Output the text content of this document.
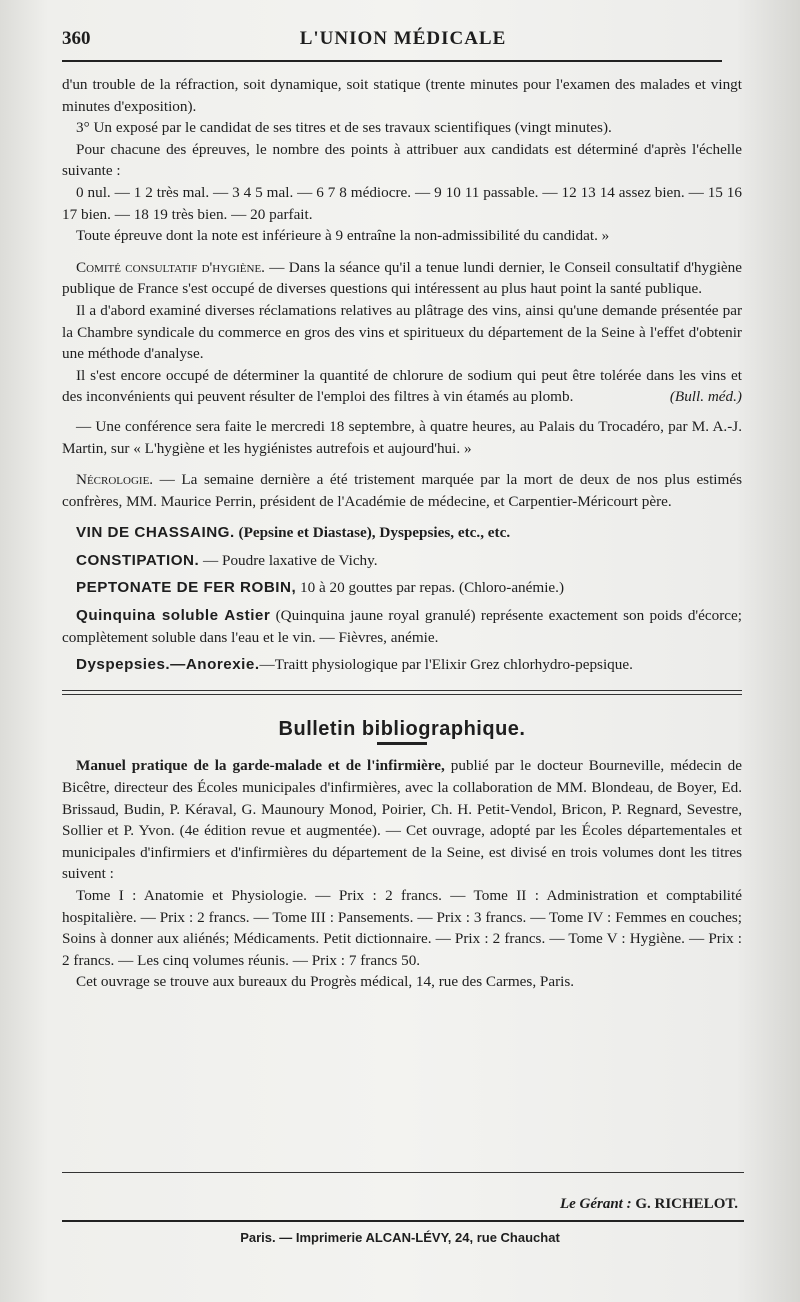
360	L'UNION MÉDICALE

d'un trouble de la réfraction, soit dynamique, soit statique (trente minutes pour l'examen des malades et vingt minutes d'exposition).

3° Un exposé par le candidat de ses titres et de ses travaux scientifiques (vingt minutes).

Pour chacune des épreuves, le nombre des points à attribuer aux candidats est déterminé d'après l'échelle suivante :

0 nul. — 1 2 très mal. — 3 4 5 mal. — 6 7 8 médiocre. — 9 10 11 passable. — 12 13 14 assez bien. — 15 16 17 bien. — 18 19 très bien. — 20 parfait.

Toute épreuve dont la note est inférieure à 9 entraîne la non-admissibilité du candidat. »

Comité consultatif d'hygiène. — Dans la séance qu'il a tenue lundi dernier, le Conseil consultatif d'hygiène publique de France s'est occupé de diverses questions qui intéressent au plus haut point la santé publique.

Il a d'abord examiné diverses réclamations relatives au plâtrage des vins, ainsi qu'une demande présentée par la Chambre syndicale du commerce en gros des vins et spiritueux du département de la Seine à l'effet d'obtenir une méthode d'analyse.

Il s'est encore occupé de déterminer la quantité de chlorure de sodium qui peut être tolérée dans les vins et des inconvénients qui peuvent résulter de l'emploi des filtres à vin étamés au plomb.	(Bull. méd.)

— Une conférence sera faite le mercredi 18 septembre, à quatre heures, au Palais du Trocadéro, par M. A.-J. Martin, sur « L'hygiène et les hygiénistes autrefois et aujourd'hui. »

Nécrologie. — La semaine dernière a été tristement marquée par la mort de deux de nos plus estimés confrères, MM. Maurice Perrin, président de l'Académie de médecine, et Carpentier-Méricourt père.

VIN DE CHASSAING. (Pepsine et Diastase), Dyspepsies, etc., etc.

CONSTIPATION. — Poudre laxative de Vichy.

PEPTONATE DE FER ROBIN, 10 à 20 gouttes par repas. (Chloro-anémie.)

Quinquina soluble Astier (Quinquina jaune royal granulé) représente exactement son poids d'écorce; complètement soluble dans l'eau et le vin. — Fièvres, anémie.

Dyspepsies.—Anorexie.—Traitt physiologique par l'Elixir Grez chlorhydro-pepsique.

Bulletin bibliographique.

Manuel pratique de la garde-malade et de l'infirmière, publié par le docteur Bourneville, médecin de Bicêtre, directeur des Écoles municipales d'infirmières, avec la collaboration de MM. Blondeau, de Boyer, Ed. Brissaud, Budin, P. Kéraval, G. Maunoury Monod, Poirier, Ch. H. Petit-Vendol, Bricon, P. Regnard, Sevestre, Sollier et P. Yvon. (4e édition revue et augmentée). — Cet ouvrage, adopté par les Écoles départementales et municipales d'infirmiers et d'infirmières du département de la Seine, est divisé en trois volumes dont les titres suivent :

Tome I : Anatomie et Physiologie. — Prix : 2 francs. — Tome II : Administration et comptabilité hospitalière. — Prix : 2 francs. — Tome III : Pansements. — Prix : 3 francs. — Tome IV : Femmes en couches; Soins à donner aux aliénés; Médicaments. Petit dictionnaire. — Prix : 2 francs. — Tome V : Hygiène. — Prix : 2 francs. — Les cinq volumes réunis. — Prix : 7 francs 50.

Cet ouvrage se trouve aux bureaux du Progrès médical, 14, rue des Carmes, Paris.

Le Gérant : G. RICHELOT.
Paris. — Imprimerie ALCAN-LÉVY, 24, rue Chauchat
